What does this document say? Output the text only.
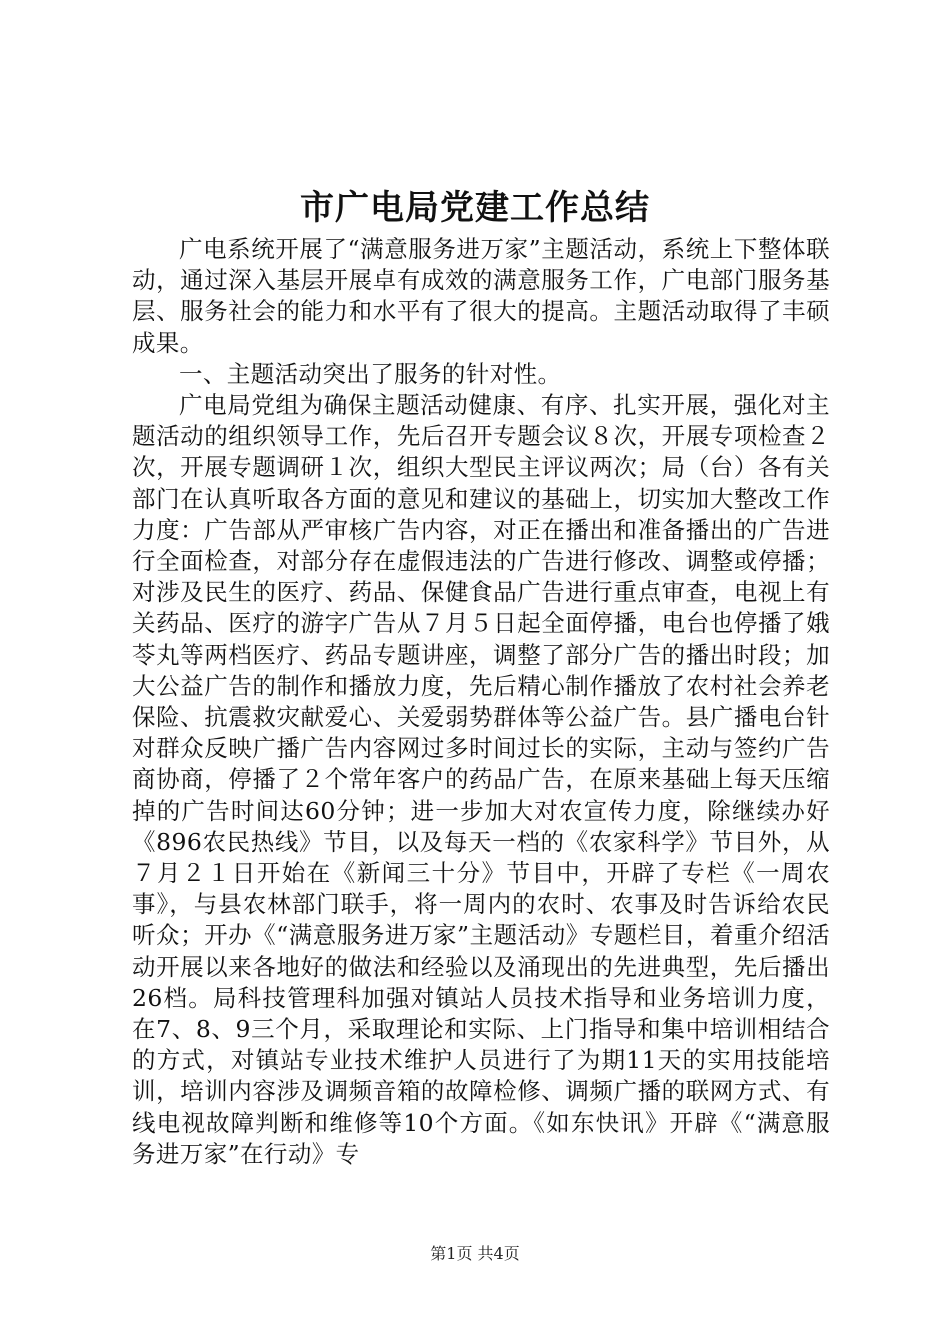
市广电局党建工作总结

广电系统开展了“满意服务进万家”主题活动，系统上下整体联动，通过深入基层开展卓有成效的满意服务工作，广电部门服务基层、服务社会的能力和水平有了很大的提高。主题活动取得了丰硕成果。

一、主题活动突出了服务的针对性。

广电局党组为确保主题活动健康、有序、扎实开展，强化对主题活动的组织领导工作，先后召开专题会议８次，开展专项检查２次，开展专题调研１次，组织大型民主评议两次；局（台）各有关部门在认真听取各方面的意见和建议的基础上，切实加大整改工作力度：广告部从严审核广告内容，对正在播出和准备播出的广告进行全面检查，对部分存在虚假违法的广告进行修改、调整或停播；对涉及民生的医疗、药品、保健食品广告进行重点审查，电视上有关药品、医疗的游字广告从７月５日起全面停播，电台也停播了娥苓丸等两档医疗、药品专题讲座，调整了部分广告的播出时段；加大公益广告的制作和播放力度，先后精心制作播放了农村社会养老保险、抗震救灾献爱心、关爱弱势群体等公益广告。县广播电台针对群众反映广播广告内容网过多时间过长的实际，主动与签约广告商协商，停播了２个常年客户的药品广告，在原来基础上每天压缩掉的广告时间达60分钟；进一步加大对农宣传力度，除继续办好《896农民热线》节目，以及每天一档的《农家科学》节目外，从７月２１日开始在《新闻三十分》节目中，开辟了专栏《一周农事》，与县农林部门联手，将一周内的农时、农事及时告诉给农民听众；开办《“满意服务进万家”主题活动》专题栏目，着重介绍活动开展以来各地好的做法和经验以及涌现出的先进典型，先后播出26档。局科技管理科加强对镇站人员技术指导和业务培训力度，在7、8、9三个月，采取理论和实际、上门指导和集中培训相结合的方式，对镇站专业技术维护人员进行了为期11天的实用技能培训，培训内容涉及调频音箱的故障检修、调频广播的联网方式、有线电视故障判断和维修等10个方面。《如东快讯》开辟《“满意服务进万家”在行动》专

第1页 共4页
